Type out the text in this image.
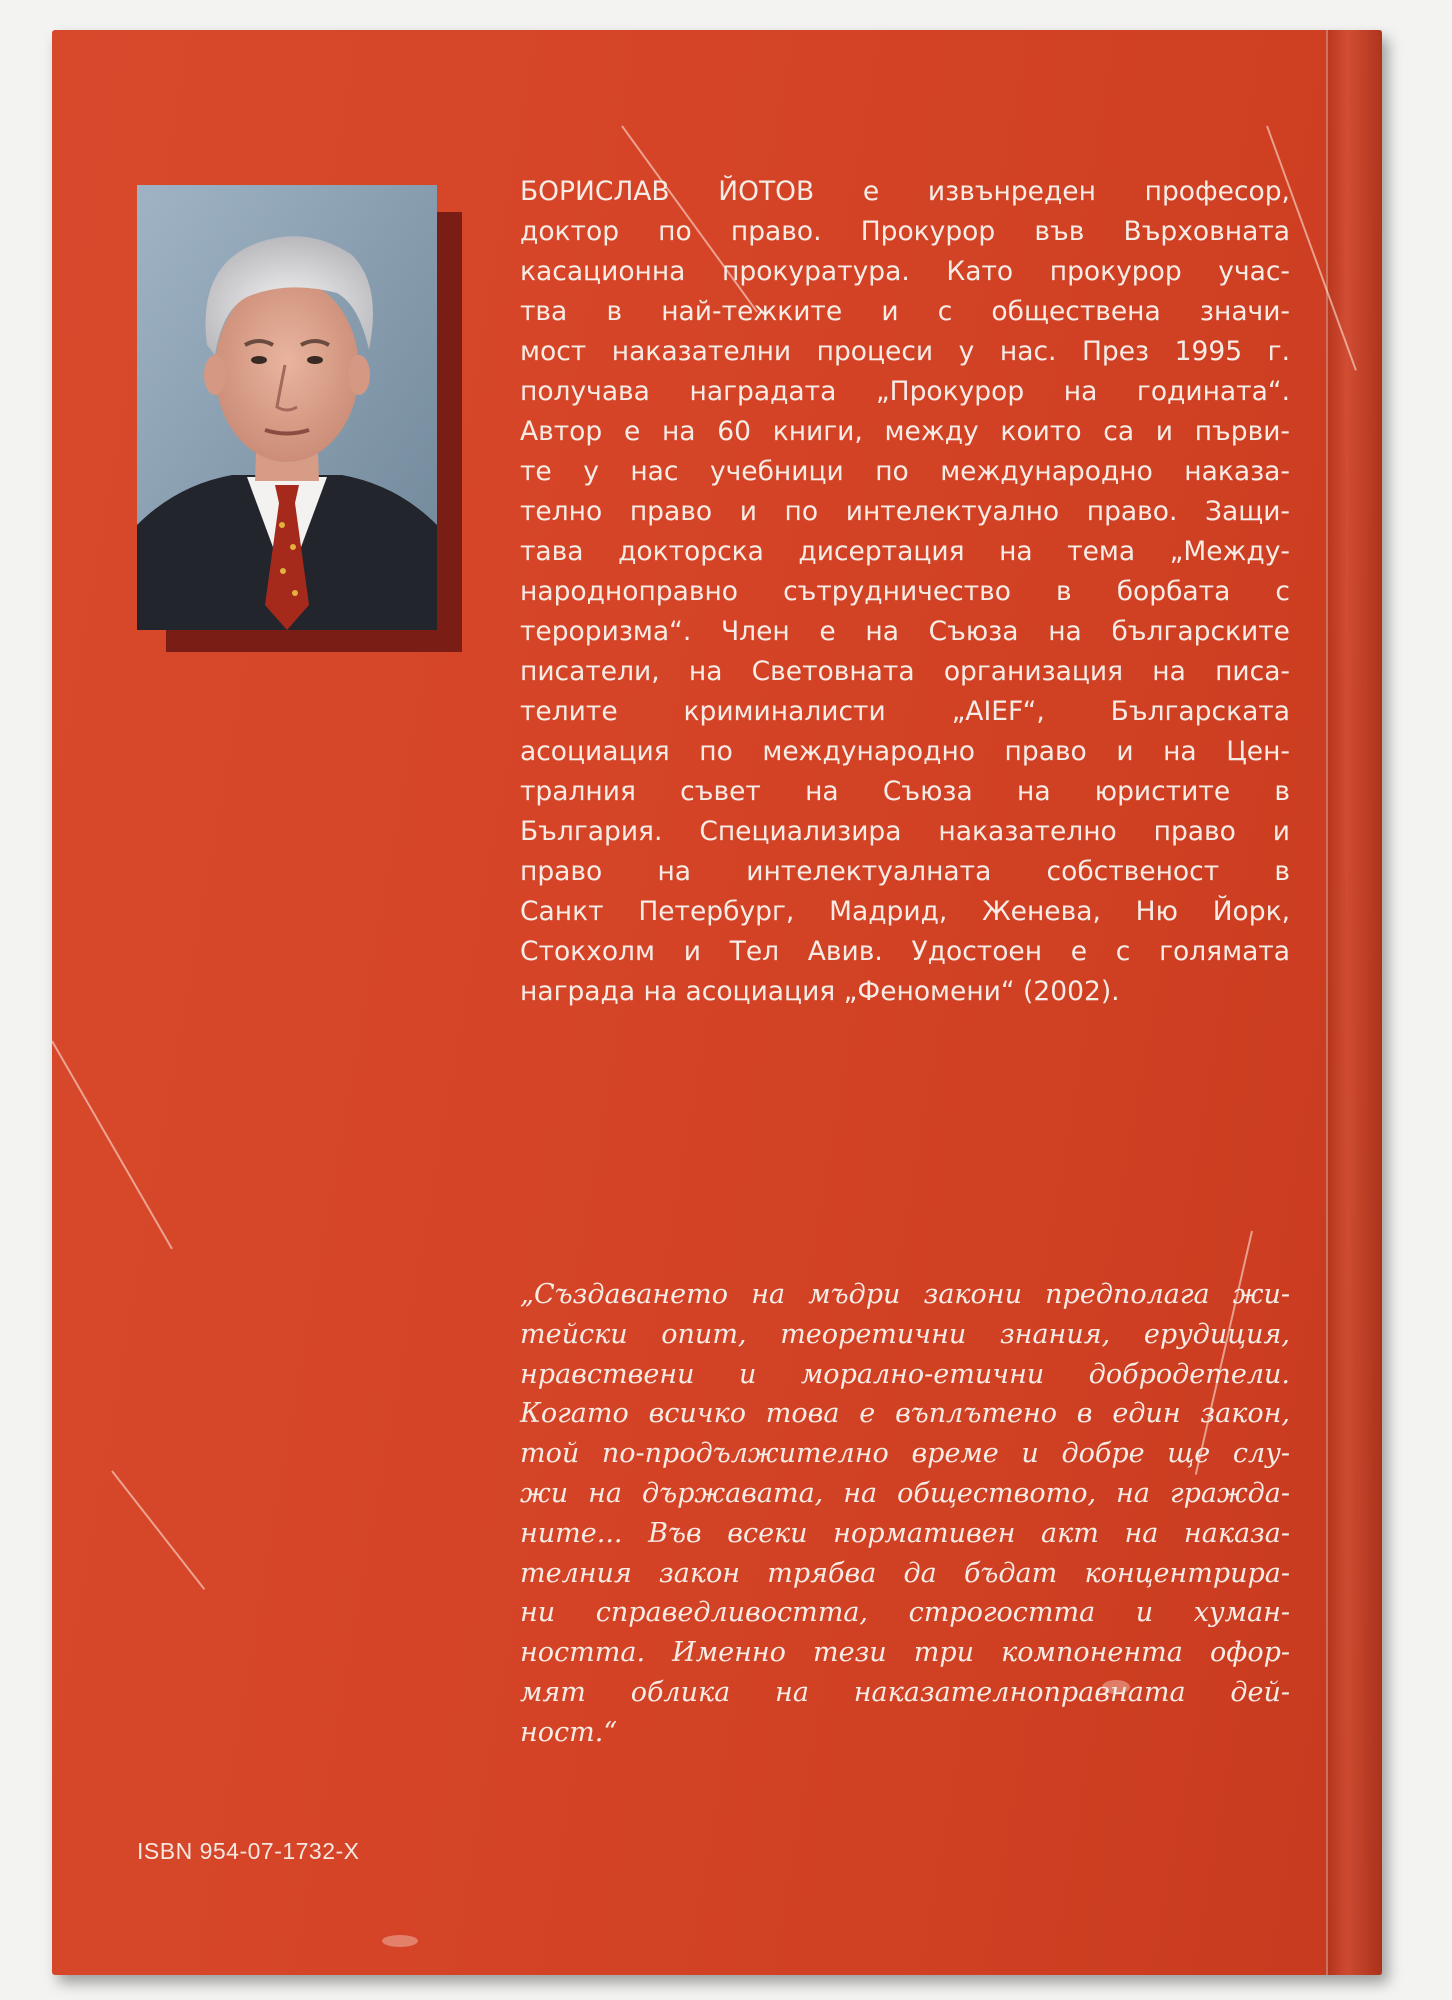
БОРИСЛАВ ЙОТОВ е извънреден професор,
доктор по право. Прокурор във Върховната
касационна прокуратура. Като прокурор учас-
тва в най-тежките и с обществена значи-
мост наказателни процеси у нас. През 1995 г.
получава наградата „Прокурор на годината“.
Автор е на 60 книги, между които са и първи-
те у нас учебници по международно наказа-
телно право и по интелектуално право. Защи-
тава докторска дисертация на тема „Между-
народноправно сътрудничество в борбата с
тероризма“. Член е на Съюза на българските
писатели, на Световната организация на писа-
телите криминалисти „AIEF“, Българската
асоциация по международно право и на Цен-
тралния съвет на Съюза на юристите в
България. Специализира наказателно право и
право на интелектуалната собственост в
Санкт Петербург, Мадрид, Женева, Ню Йорк,
Стокхолм и Тел Авив. Удостоен е с голямата
награда на асоциация „Феномени“ (2002).
„Създаването на мъдри закони предполага жи-
тейски опит, теоретични знания, ерудиция,
нравствени и морално-етични добродетели.
Когато всичко това е въплътено в един закон,
той по-продължително време и добре ще слу-
жи на държавата, на обществото, на гражда-
ните... Във всеки нормативен акт на наказа-
телния закон трябва да бъдат концентрира-
ни справедливостта, строгостта и хуман-
ността. Именно тези три компонента офор-
мят облика на наказателноправната дей-
ност.“
ISBN 954-07-1732-X
